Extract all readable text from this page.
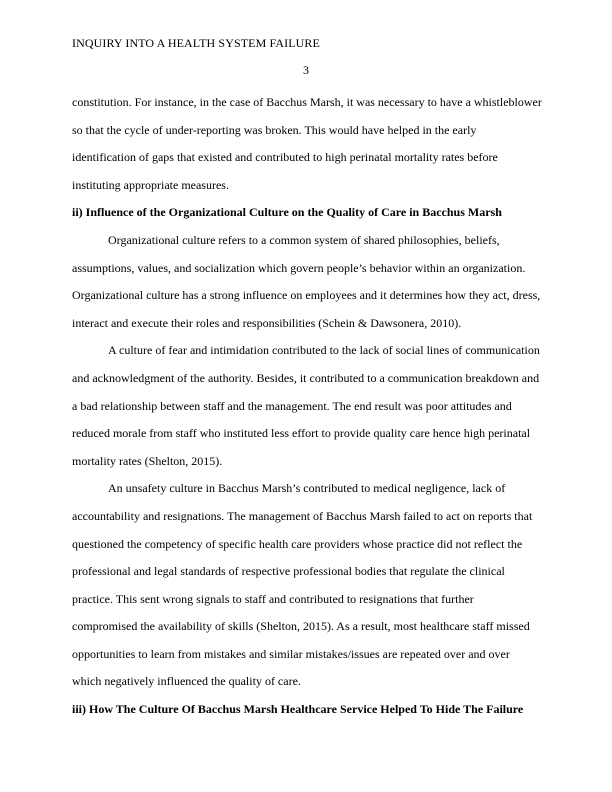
INQUIRY INTO A HEALTH SYSTEM FAILURE
3

constitution. For instance, in the case of Bacchus Marsh, it was necessary to have a whistleblower so that the cycle of under-reporting was broken. This would have helped in the early identification of gaps that existed and contributed to high perinatal mortality rates before instituting appropriate measures.

ii) Influence of the Organizational Culture on the Quality of Care in Bacchus Marsh

Organizational culture refers to a common system of shared philosophies, beliefs, assumptions, values, and socialization which govern people’s behavior within an organization. Organizational culture has a strong influence on employees and it determines how they act, dress, interact and execute their roles and responsibilities (Schein & Dawsonera, 2010).

A culture of fear and intimidation contributed to the lack of social lines of communication and acknowledgment of the authority. Besides, it contributed to a communication breakdown and a bad relationship between staff and the management. The end result was poor attitudes and reduced morale from staff who instituted less effort to provide quality care hence high perinatal mortality rates (Shelton, 2015).

An unsafety culture in Bacchus Marsh’s contributed to medical negligence, lack of accountability and resignations. The management of Bacchus Marsh failed to act on reports that questioned the competency of specific health care providers whose practice did not reflect the professional and legal standards of respective professional bodies that regulate the clinical practice. This sent wrong signals to staff and contributed to resignations that further compromised the availability of skills (Shelton, 2015). As a result, most healthcare staff missed opportunities to learn from mistakes and similar mistakes/issues are repeated over and over which negatively influenced the quality of care.

iii) How The Culture Of Bacchus Marsh Healthcare Service Helped To Hide The Failure
